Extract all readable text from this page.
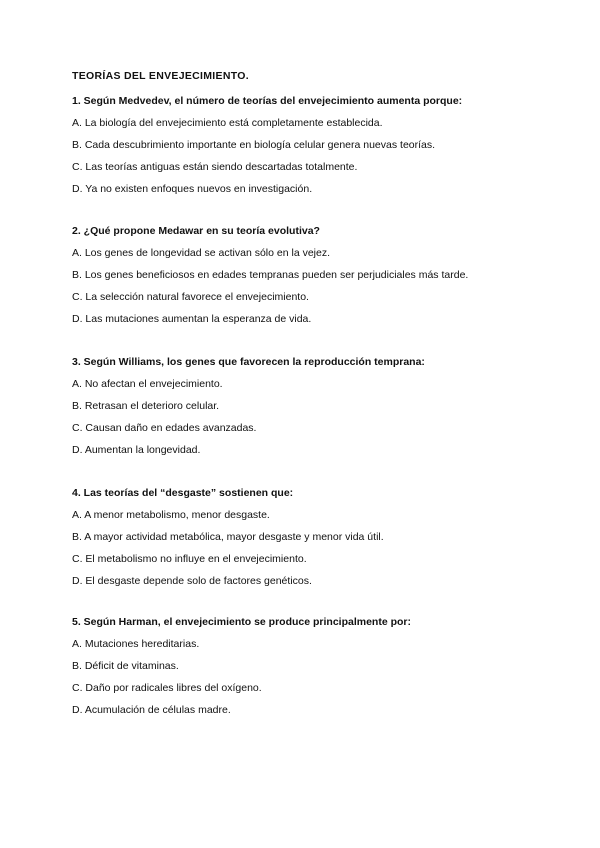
TEORÍAS DEL ENVEJECIMIENTO.
1. Según Medvedev, el número de teorías del envejecimiento aumenta porque:
A. La biología del envejecimiento está completamente establecida.
B. Cada descubrimiento importante en biología celular genera nuevas teorías.
C. Las teorías antiguas están siendo descartadas totalmente.
D. Ya no existen enfoques nuevos en investigación.
2. ¿Qué propone Medawar en su teoría evolutiva?
A. Los genes de longevidad se activan sólo en la vejez.
B. Los genes beneficiosos en edades tempranas pueden ser perjudiciales más tarde.
C. La selección natural favorece el envejecimiento.
D. Las mutaciones aumentan la esperanza de vida.
3. Según Williams, los genes que favorecen la reproducción temprana:
A. No afectan el envejecimiento.
B. Retrasan el deterioro celular.
C. Causan daño en edades avanzadas.
D. Aumentan la longevidad.
4. Las teorías del “desgaste” sostienen que:
A. A menor metabolismo, menor desgaste.
B. A mayor actividad metabólica, mayor desgaste y menor vida útil.
C. El metabolismo no influye en el envejecimiento.
D. El desgaste depende solo de factores genéticos.
5. Según Harman, el envejecimiento se produce principalmente por:
A. Mutaciones hereditarias.
B. Déficit de vitaminas.
C. Daño por radicales libres del oxígeno.
D. Acumulación de células madre.
